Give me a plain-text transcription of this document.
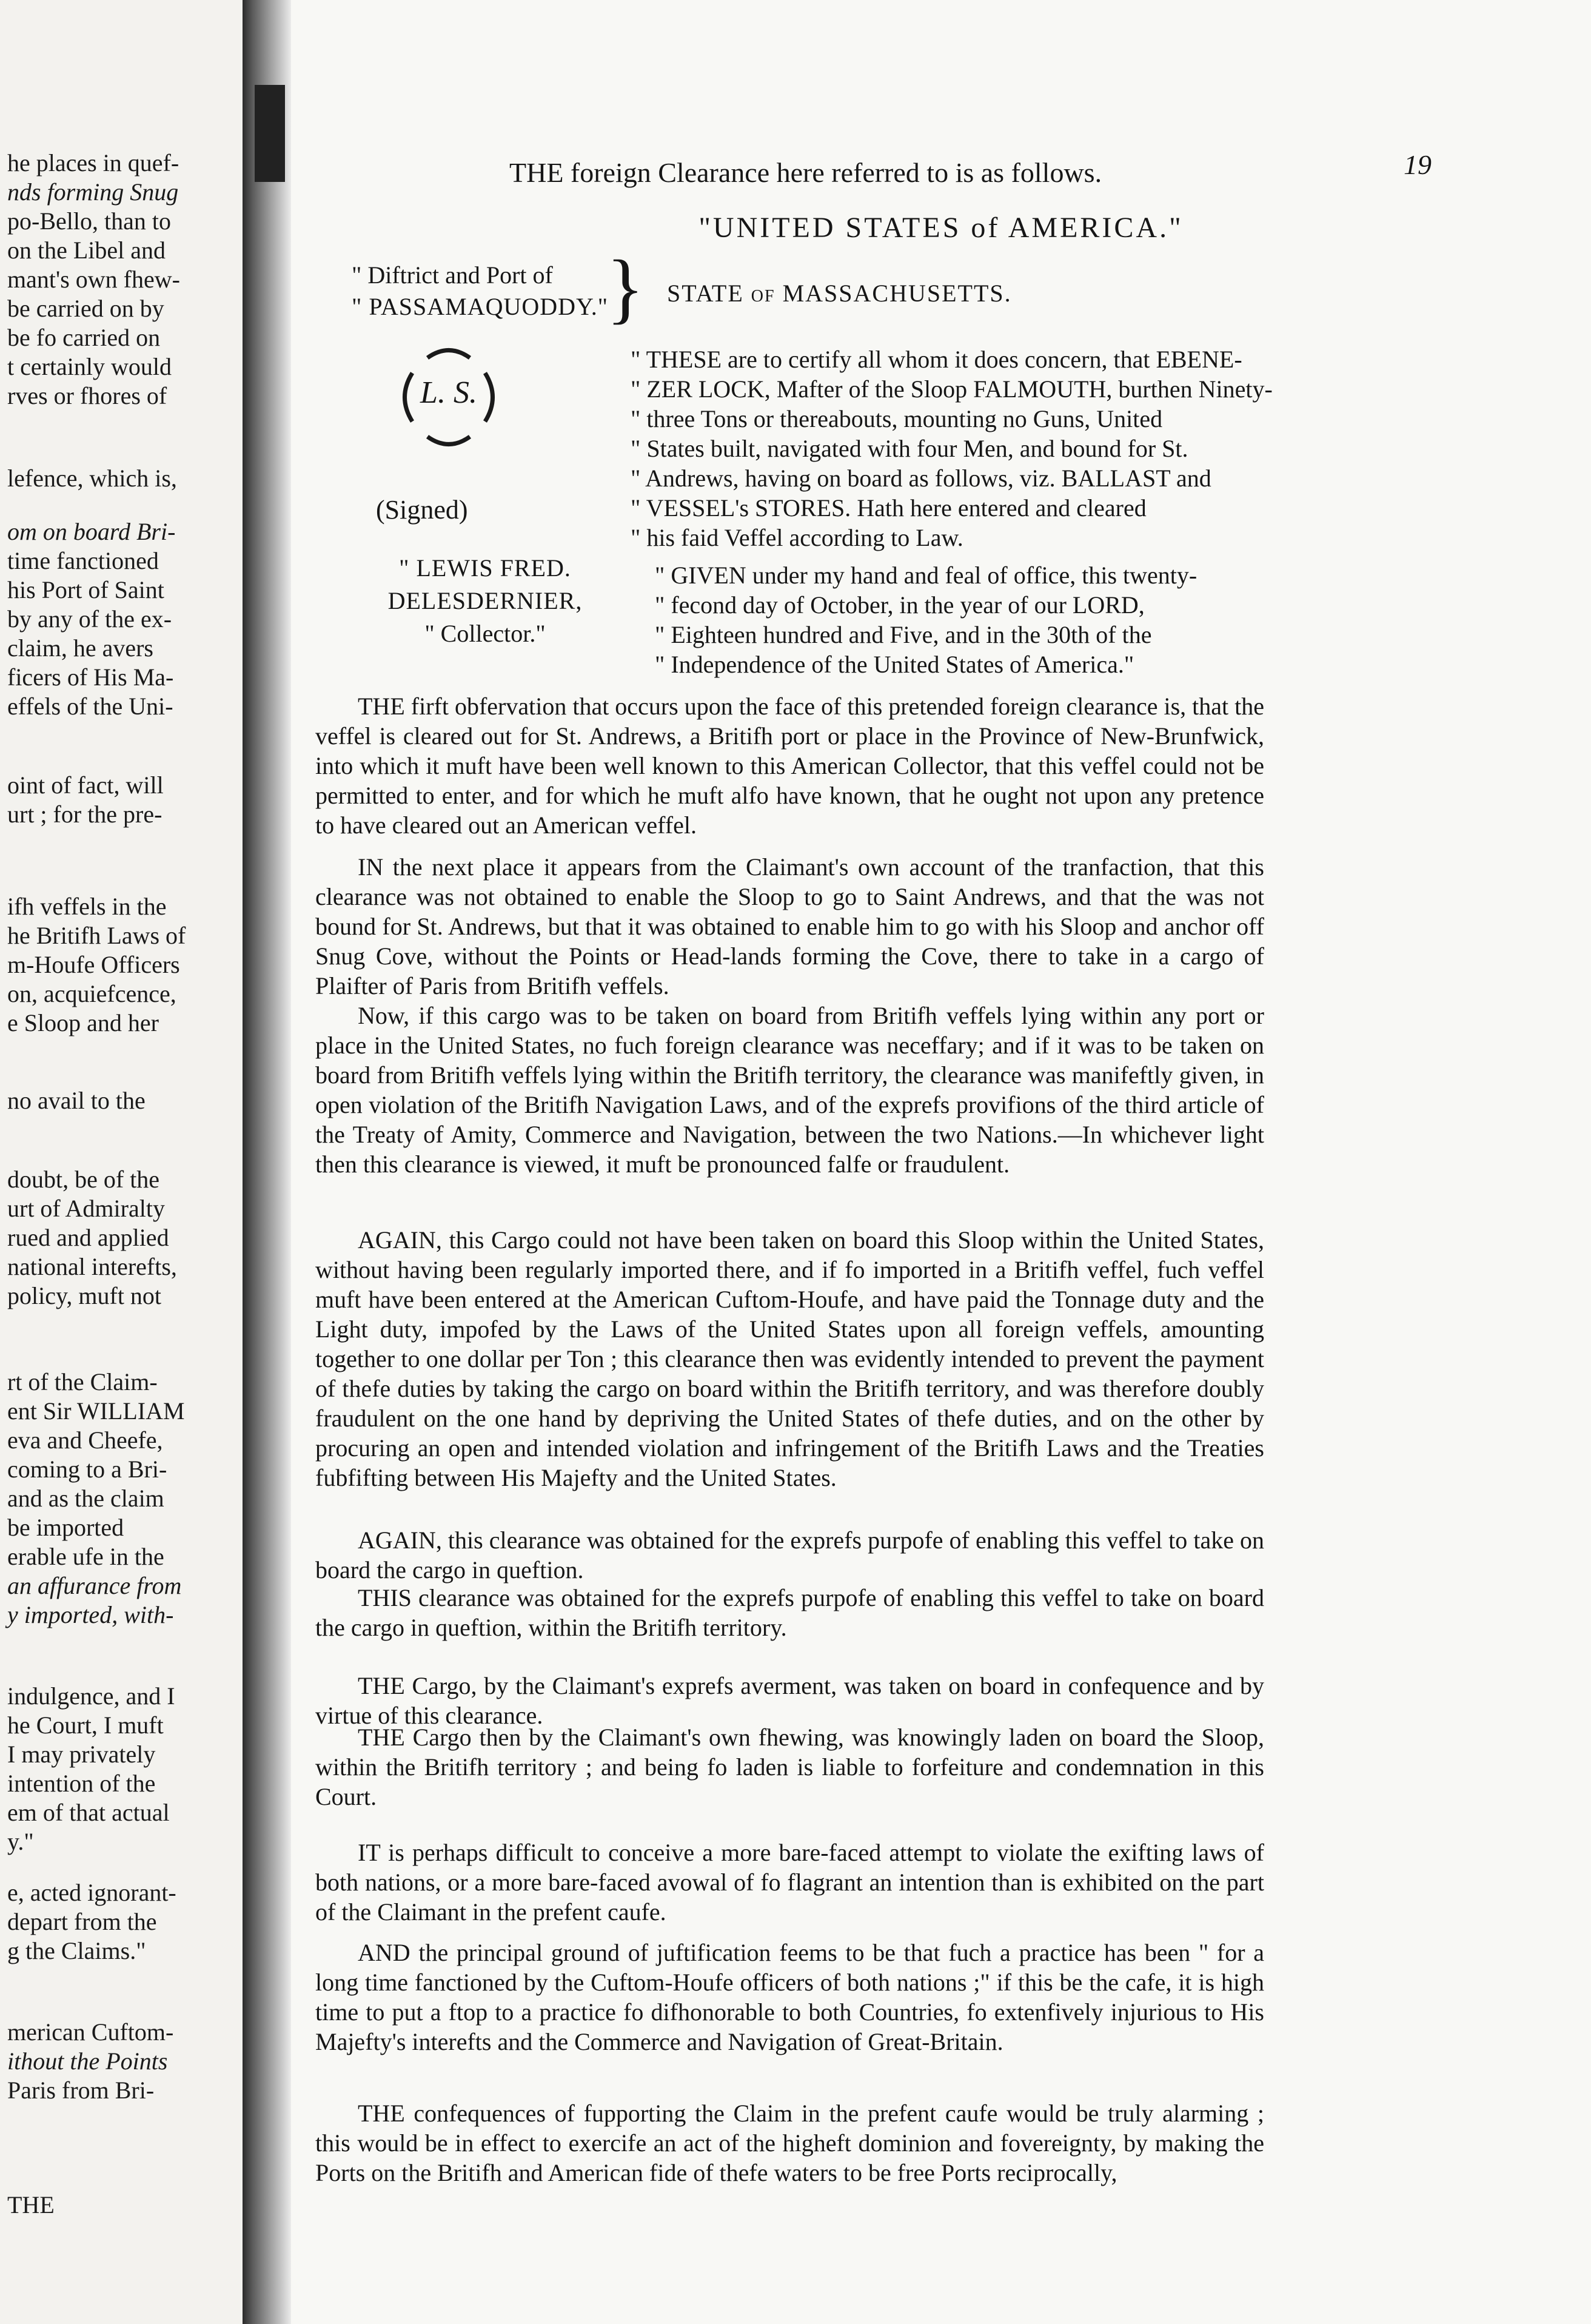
he places in quef-
nds forming Snug
po-Bello, than to
on the Libel and
mant's own fhew-
be carried on by
be fo carried on
t certainly would
rves or fhores of
lefence, which is,
om on board Bri-
time fanctioned
his Port of Saint
by any of the ex-
claim, he avers
ficers of His Ma-
effels of the Uni-
oint of fact, will
urt ; for the pre-
ifh veffels in the
he Britifh Laws of
m-Houfe Officers
on, acquiefcence,
e Sloop and her
no avail to the
doubt, be of the
urt of Admiralty
rued and applied
national interefts,
policy, muft not
rt of the Claim-
ent Sir WILLIAM
eva and Cheefe,
coming to a Bri-
and as the claim
be imported
erable ufe in the
an affurance from
y imported, with-
indulgence, and I
he Court, I muft
I may privately
intention of the
em of that actual
y."
e, acted ignorant-
depart from the
g the Claims."
merican Cuftom-
ithout the Points
Paris from Bri-
THE
19
THE foreign Clearance here referred to is as follows.
"UNITED STATES of AMERICA."
" Diftrict and Port of
" PASSAMAQUODDY."
} STATE of MASSACHUSETTS.
L. S.
(Signed)
" LEWIS FRED. DELESDERNIER,
" Collector."

" THESE are to certify all whom it does concern, that EBENE-

" ZER LOCK, Mafter of the Sloop FALMOUTH, burthen Ninety-

" three Tons or thereabouts, mounting no Guns, United

" States built, navigated with four Men, and bound for St.

" Andrews, having on board as follows, viz. BALLAST and

" VESSEL's STORES. Hath here entered and cleared

" his faid Veffel according to Law.

" GIVEN under my hand and feal of office, this twenty-

" fecond day of October, in the year of our LORD,

" Eighteen hundred and Five, and in the 30th of the

" Independence of the United States of America."

THE firft obfervation that occurs upon the face of this pretended foreign clearance is, that the veffel is cleared out for St. Andrews, a Britifh port or place in the Province of New-Brunfwick, into which it muft have been well known to this American Collector, that this veffel could not be permitted to enter, and for which he muft alfo have known, that he ought not upon any pretence to have cleared out an American veffel.

IN the next place it appears from the Claimant's own account of the tranfaction, that this clearance was not obtained to enable the Sloop to go to Saint Andrews, and that the was not bound for St. Andrews, but that it was obtained to enable him to go with his Sloop and anchor off Snug Cove, without the Points or Head-lands forming the Cove, there to take in a cargo of Plaifter of Paris from Britifh veffels.

Now, if this cargo was to be taken on board from Britifh veffels lying within any port or place in the United States, no fuch foreign clearance was neceffary; and if it was to be taken on board from Britifh veffels lying within the Britifh territory, the clearance was manifeftly given, in open violation of the Britifh Navigation Laws, and of the exprefs provifions of the third article of the Treaty of Amity, Commerce and Navigation, between the two Nations.—In whichever light then this clearance is viewed, it muft be pronounced falfe or fraudulent.

AGAIN, this Cargo could not have been taken on board this Sloop within the United States, without having been regularly imported there, and if fo imported in a Britifh veffel, fuch veffel muft have been entered at the American Cuftom-Houfe, and have paid the Tonnage duty and the Light duty, impofed by the Laws of the United States upon all foreign veffels, amounting together to one dollar per Ton ; this clearance then was evidently intended to prevent the payment of thefe duties by taking the cargo on board within the Britifh territory, and was therefore doubly fraudulent on the one hand by depriving the United States of thefe duties, and on the other by procuring an open and intended violation and infringement of the Britifh Laws and the Treaties fubfifting between His Majefty and the United States.

AGAIN, this clearance was obtained for the exprefs purpofe of enabling this veffel to take on board the cargo in queftion.

THIS clearance was obtained for the exprefs purpofe of enabling this veffel to take on board the cargo in queftion, within the Britifh territory.

THE Cargo, by the Claimant's exprefs averment, was taken on board in confequence and by virtue of this clearance.

THE Cargo then by the Claimant's own fhewing, was knowingly laden on board the Sloop, within the Britifh territory ; and being fo laden is liable to forfeiture and condemnation in this Court.

IT is perhaps difficult to conceive a more bare-faced attempt to violate the exifting laws of both nations, or a more bare-faced avowal of fo flagrant an intention than is exhibited on the part of the Claimant in the prefent caufe.

AND the principal ground of juftification feems to be that fuch a practice has been " for a long time fanctioned by the Cuftom-Houfe officers of both nations ;" if this be the cafe, it is high time to put a ftop to a practice fo difhonorable to both Countries, fo extenfively injurious to His Majefty's interefts and the Commerce and Navigation of Great-Britain.

THE confequences of fupporting the Claim in the prefent caufe would be truly alarming ; this would be in effect to exercife an act of the higheft dominion and fovereignty, by making the Ports on the Britifh and American fide of thefe waters to be free Ports reciprocally,
